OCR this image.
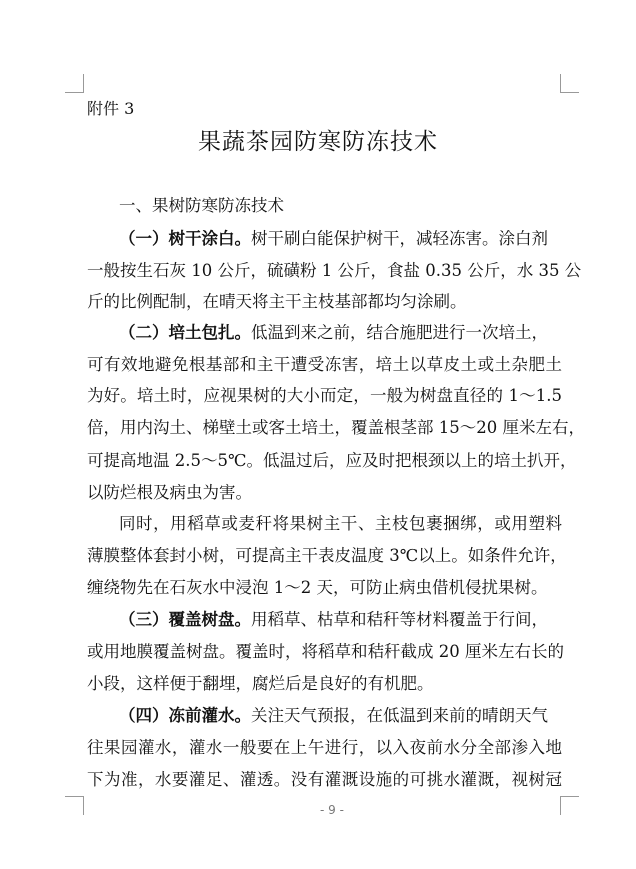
附件 3
果蔬茶园防寒防冻技术
一、果树防寒防冻技术
（一）树干涂白。树干刷白能保护树干，减轻冻害。涂白剂
一般按生石灰 10 公斤，硫磺粉 1 公斤，食盐 0.35 公斤，水 35 公
斤的比例配制，在晴天将主干主枝基部都均匀涂刷。
（二）培土包扎。低温到来之前，结合施肥进行一次培土，
可有效地避免根基部和主干遭受冻害，培土以草皮土或土杂肥土
为好。培土时，应视果树的大小而定，一般为树盘直径的 1～1.5
倍，用内沟土、梯壁土或客土培土，覆盖根茎部 15～20 厘米左右，
可提高地温 2.5～5℃。低温过后，应及时把根颈以上的培土扒开，
以防烂根及病虫为害。
同时，用稻草或麦秆将果树主干、主枝包裹捆绑，或用塑料
薄膜整体套封小树，可提高主干表皮温度 3℃以上。如条件允许，
缠绕物先在石灰水中浸泡 1～2 天，可防止病虫借机侵扰果树。
（三）覆盖树盘。用稻草、枯草和秸秆等材料覆盖于行间，
或用地膜覆盖树盘。覆盖时，将稻草和秸秆截成 20 厘米左右长的
小段，这样便于翻埋，腐烂后是良好的有机肥。
（四）冻前灌水。关注天气预报，在低温到来前的晴朗天气
往果园灌水，灌水一般要在上午进行，以入夜前水分全部渗入地
下为准，水要灌足、灌透。没有灌溉设施的可挑水灌溉，视树冠
- 9 -
